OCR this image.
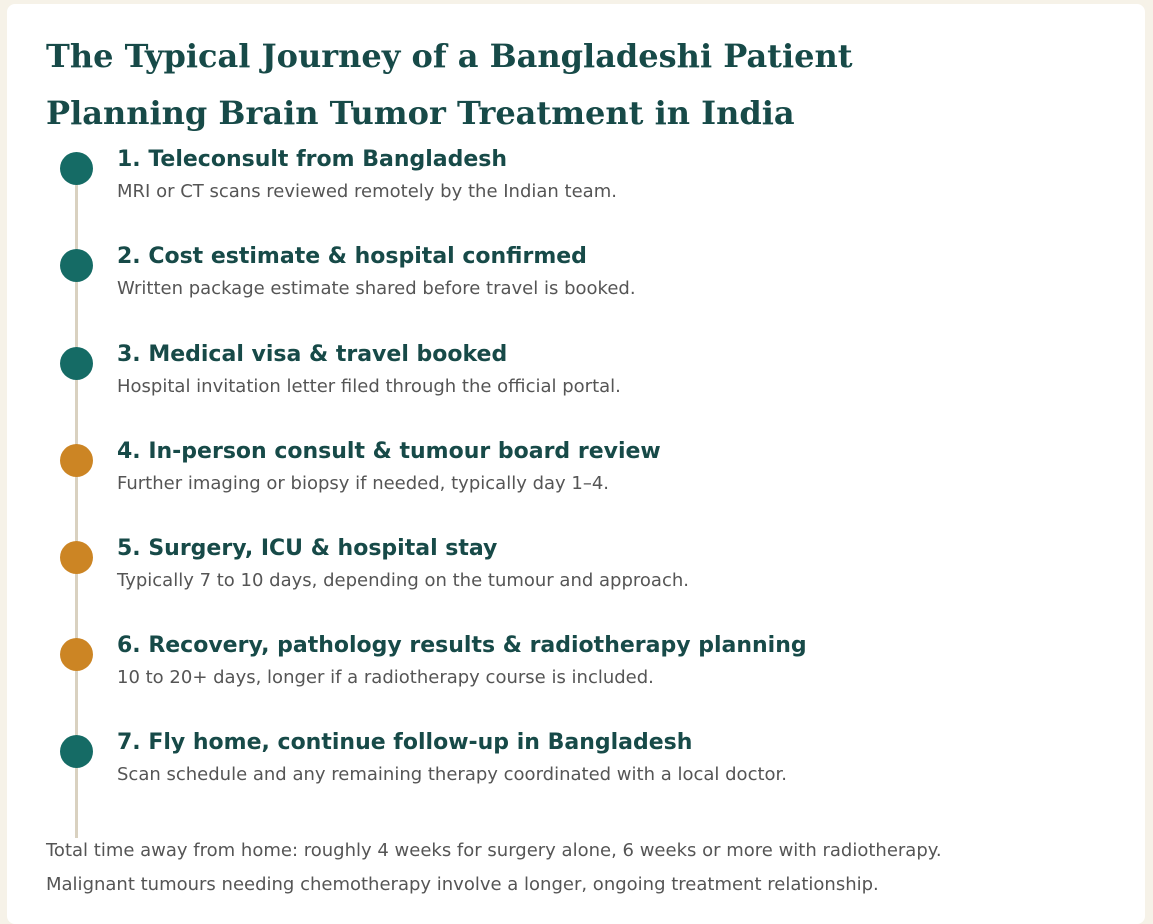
The Typical Journey of a Bangladeshi Patient
Planning Brain Tumor Treatment in India
1. Teleconsult from Bangladesh
MRI or CT scans reviewed remotely by the Indian team.
2. Cost estimate & hospital confirmed
Written package estimate shared before travel is booked.
3. Medical visa & travel booked
Hospital invitation letter filed through the official portal.
4. In-person consult & tumour board review
Further imaging or biopsy if needed, typically day 1–4.
5. Surgery, ICU & hospital stay
Typically 7 to 10 days, depending on the tumour and approach.
6. Recovery, pathology results & radiotherapy planning
10 to 20+ days, longer if a radiotherapy course is included.
7. Fly home, continue follow-up in Bangladesh
Scan schedule and any remaining therapy coordinated with a local doctor.
Total time away from home: roughly 4 weeks for surgery alone, 6 weeks or more with radiotherapy.
Malignant tumours needing chemotherapy involve a longer, ongoing treatment relationship.
